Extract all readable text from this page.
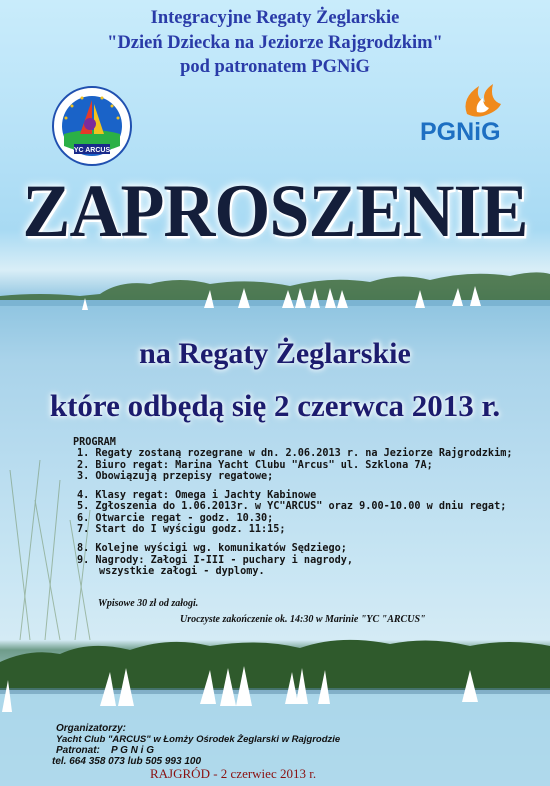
Integracyjne Regaty Żeglarskie
"Dzień Dziecka na Jeziorze Rajgrodzkim"
pod patronatem PGNiG
YC ARCUS
PGNiG
ZAPROSZENIE
na Regaty Żeglarskie
które odbędą się 2 czerwca 2013 r.
PROGRAM
1. Regaty zostaną rozegrane w dn. 2.06.2013 r. na Jeziorze Rajgrodzkim;
2. Biuro regat: Marina Yacht Clubu "Arcus" ul. Szklona 7A;
3. Obowiązują przepisy regatowe;
4. Klasy regat: Omega i Jachty Kabinowe
5. Zgłoszenia do 1.06.2013r. w YC"ARCUS" oraz 9.00-10.00 w dniu regat;
6. Otwarcie regat - godz. 10.30;
7. Start do I wyścigu godz. 11:15;
8. Kolejne wyścigi wg. komunikatów Sędziego;
9. Nagrody: Załogi I-III - puchary i nagrody,
wszystkie załogi - dyplomy.
Wpisowe 30 zł od załogi.
Uroczyste zakończenie ok. 14:30 w Marinie "YC "ARCUS"
Organizatorzy:
Yacht Club "ARCUS" w Łomży Ośrodek Żeglarski w Rajgrodzie
Patronat:    P G N i G
tel. 664 358 073 lub 505 993 100
RAJGRÓD - 2 czerwiec 2013 r.
